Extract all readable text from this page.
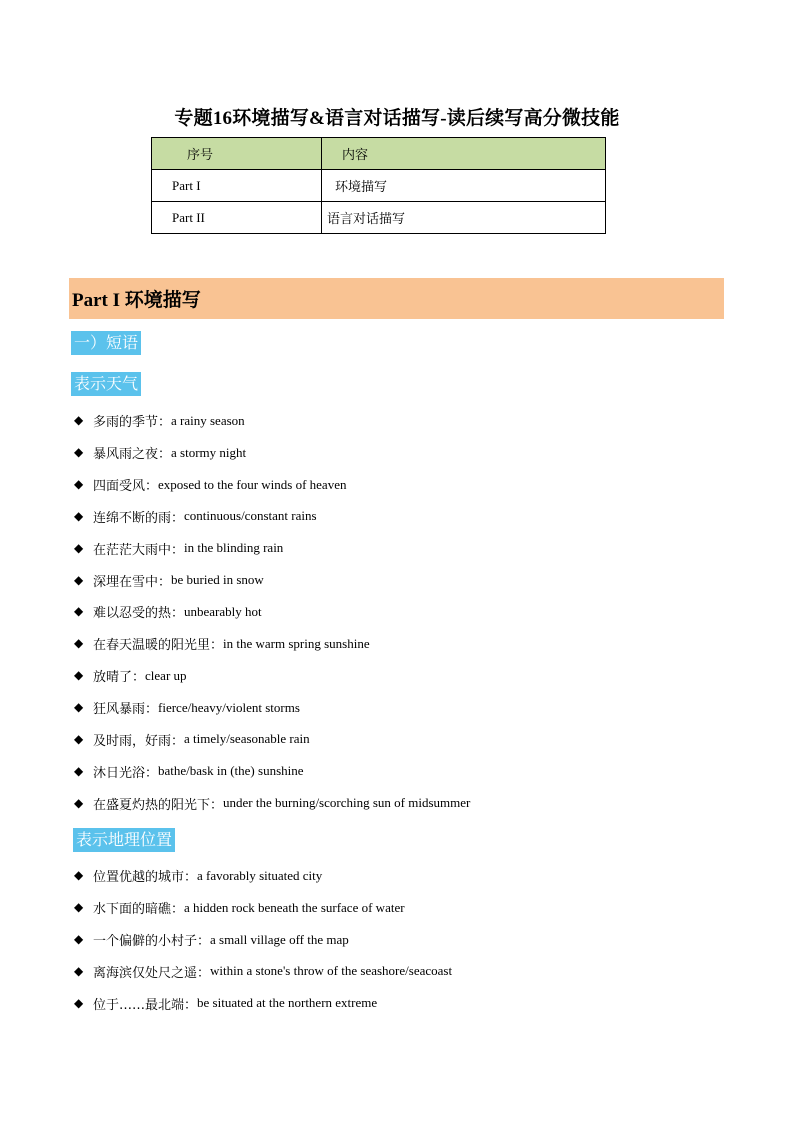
专题16环境描写&语言对话描写-读后续写高分微技能
序号	内容
Part I	环境描写
Part II	语言对话描写
Part I 环境描写
一）短语
表示天气
◆ 多雨的季节： a rainy season
◆ 暴风雨之夜： a stormy night
◆ 四面受风： exposed to the four winds of heaven
◆ 连绵不断的雨： continuous/constant rains
◆ 在茫茫大雨中： in the blinding rain
◆ 深埋在雪中： be buried in snow
◆ 难以忍受的热： unbearably hot
◆ 在春天温暖的阳光里： in the warm spring sunshine
◆ 放晴了： clear up
◆ 狂风暴雨： fierce/heavy/violent storms
◆ 及时雨，好雨： a timely/seasonable rain
◆ 沐日光浴： bathe/bask in (the) sunshine
◆ 在盛夏灼热的阳光下： under the burning/scorching sun of midsummer
表示地理位置
◆ 位置优越的城市： a favorably situated city
◆ 水下面的暗礁： a hidden rock beneath the surface of water
◆ 一个偏僻的小村子： a small village off the map
◆ 离海滨仅处尺之遥： within a stone's throw of the seashore/seacoast
◆ 位于……最北端： be situated at the northern extreme
